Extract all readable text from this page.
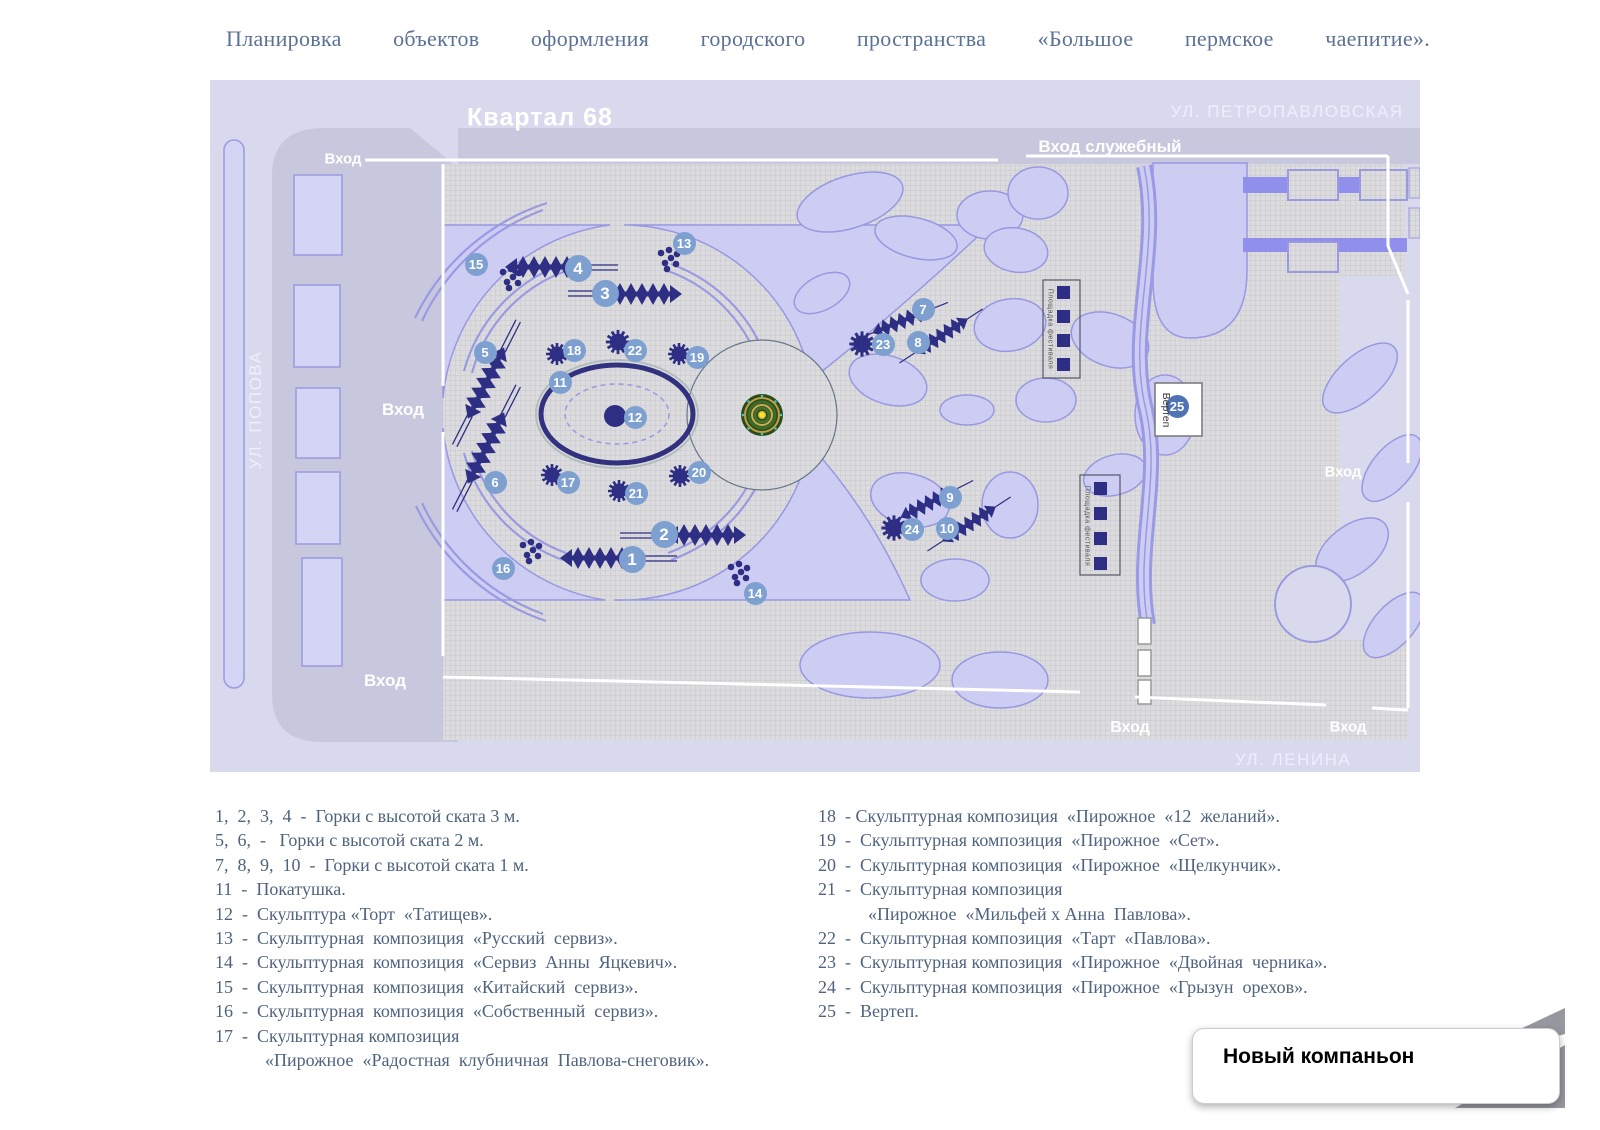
Планировка объектов оформления городского пространства «Большое пермское чаепитие».
1
2
3
4
5
6
7
8
9
10
11
12
13
14
15
16
17
18	19
20
21
22	23
24
25
Квартал 68	УЛ. ПЕТРОПАВЛОВСКАЯ
УЛ. ЛЕНИНА
УЛ. ПОПОВА
Вход
Вход служебный
Вход
Вход
Вход	Вход
Вход
Вертеп
Площадка фестиваля
Площадка фестиваля
1,  2,  3,  4  -  Горки с высотой ската 3 м.
5,  6,  -   Горки с высотой ската 2 м.
7,  8,  9,  10  -  Горки с высотой ската 1 м.
11  -  Покатушка.
12  -  Скульптура «Торт  «Татищев».
13  -  Скульптурная  композиция  «Русский  сервиз».
14  -  Скульптурная  композиция  «Сервиз  Анны  Яцкевич».
15  -  Скульптурная  композиция  «Китайский  сервиз».
16  -  Скульптурная  композиция  «Собственный  сервиз».
17  -  Скульптурная композиция
«Пирожное  «Радостная  клубничная  Павлова-снеговик».
18  - Скульптурная композиция  «Пирожное  «12  желаний».
19  -  Скульптурная композиция  «Пирожное  «Сет».
20  -  Скульптурная композиция  «Пирожное  «Щелкунчик».
21  -  Скульптурная композиция
«Пирожное  «Мильфей х Анна  Павлова».
22  -  Скульптурная композиция  «Тарт  «Павлова».
23  -  Скульптурная композиция  «Пирожное  «Двойная  черника».
24  -  Скульптурная композиция  «Пирожное  «Грызун  орехов».
25  -  Вертеп.
Новый компаньон
